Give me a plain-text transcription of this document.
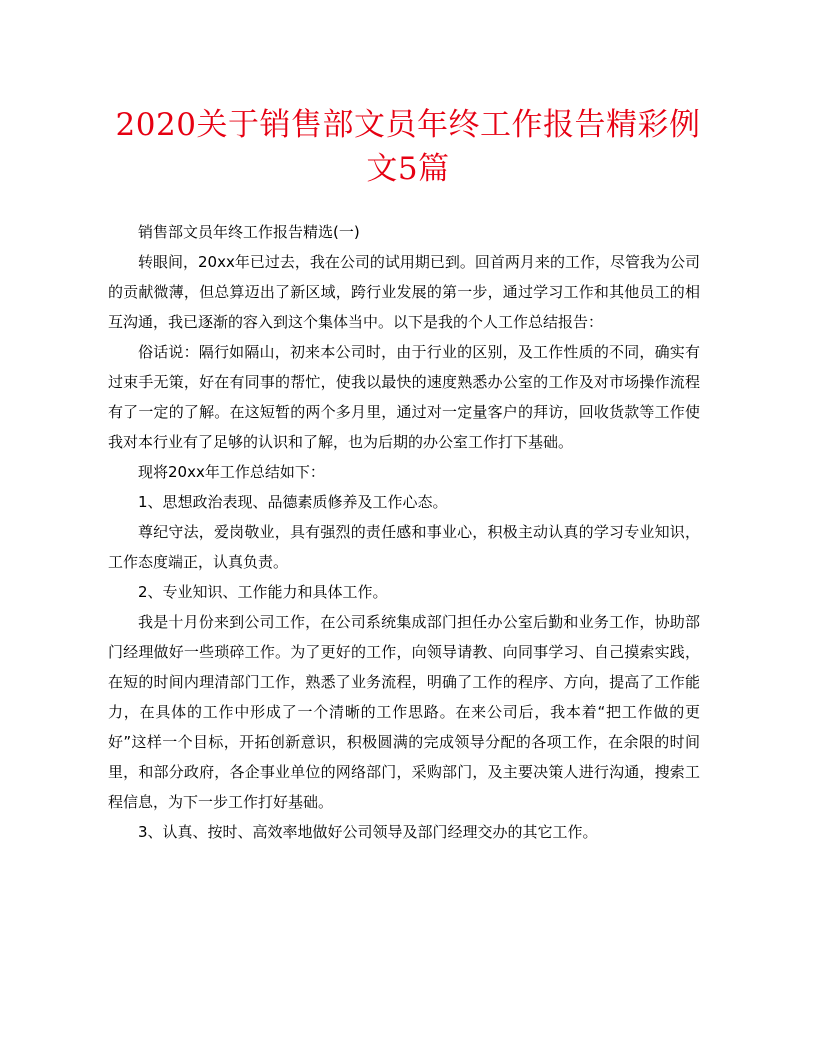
2020关于销售部文员年终工作报告精彩例文5篇

销售部文员年终工作报告精选(一)

转眼间，20xx年已过去，我在公司的试用期已到。回首两月来的工作，尽管我为公司的贡献微薄，但总算迈出了新区域，跨行业发展的第一步，通过学习工作和其他员工的相互沟通，我已逐渐的容入到这个集体当中。以下是我的个人工作总结报告：

俗话说：隔行如隔山，初来本公司时，由于行业的区别，及工作性质的不同，确实有过束手无策，好在有同事的帮忙，使我以最快的速度熟悉办公室的工作及对市场操作流程有了一定的了解。在这短暂的两个多月里，通过对一定量客户的拜访，回收货款等工作使我对本行业有了足够的认识和了解，也为后期的办公室工作打下基础。

现将20xx年工作总结如下：

1、思想政治表现、品德素质修养及工作心态。

尊纪守法，爱岗敬业，具有强烈的责任感和事业心，积极主动认真的学习专业知识，工作态度端正，认真负责。

2、专业知识、工作能力和具体工作。

我是十月份来到公司工作，在公司系统集成部门担任办公室后勤和业务工作，协助部门经理做好一些琐碎工作。为了更好的工作，向领导请教、向同事学习、自己摸索实践，在短的时间内理清部门工作，熟悉了业务流程，明确了工作的程序、方向，提高了工作能力，在具体的工作中形成了一个清晰的工作思路。在来公司后，我本着“把工作做的更好”这样一个目标，开拓创新意识，积极圆满的完成领导分配的各项工作，在余限的时间里，和部分政府，各企事业单位的网络部门，采购部门，及主要决策人进行沟通，搜索工程信息，为下一步工作打好基础。

3、认真、按时、高效率地做好公司领导及部门经理交办的其它工作。
